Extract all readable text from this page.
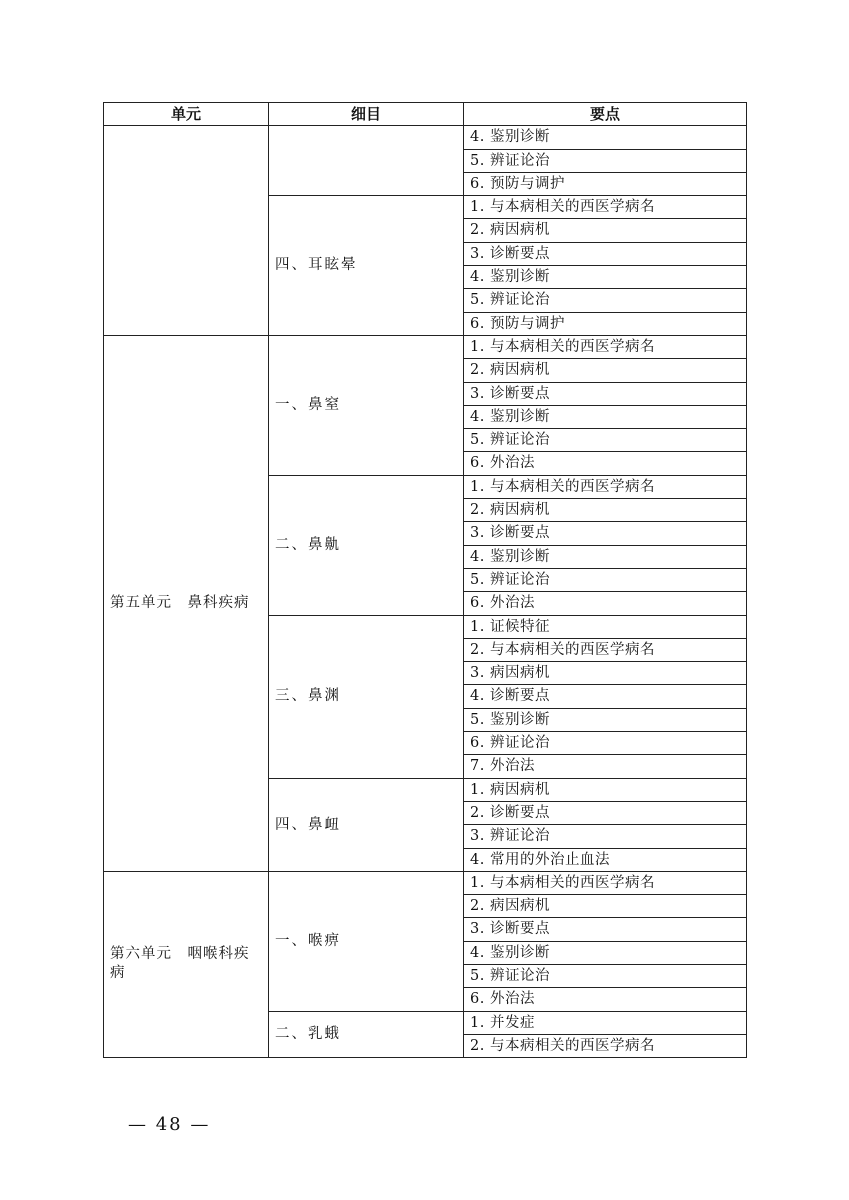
单元	细目	要点
		4. 鉴别诊断
		5. 辨证论治
		6. 预防与调护
	四、耳眩晕	1. 与本病相关的西医学病名
		2. 病因病机
		3. 诊断要点
		4. 鉴别诊断
		5. 辨证论治
		6. 预防与调护
第五单元　鼻科疾病	一、鼻窒	1. 与本病相关的西医学病名
		2. 病因病机
		3. 诊断要点
		4. 鉴别诊断
		5. 辨证论治
		6. 外治法
	二、鼻鼽	1. 与本病相关的西医学病名
		2. 病因病机
		3. 诊断要点
		4. 鉴别诊断
		5. 辨证论治
		6. 外治法
	三、鼻渊	1. 证候特征
		2. 与本病相关的西医学病名
		3. 病因病机
		4. 诊断要点
		5. 鉴别诊断
		6. 辨证论治
		7. 外治法
	四、鼻衄	1. 病因病机
		2. 诊断要点
		3. 辨证论治
		4. 常用的外治止血法
第六单元　咽喉科疾病	一、喉痹	1. 与本病相关的西医学病名
		2. 病因病机
		3. 诊断要点
		4. 鉴别诊断
		5. 辨证论治
		6. 外治法
	二、乳蛾	1. 并发症
		2. 与本病相关的西医学病名
— 48 —
